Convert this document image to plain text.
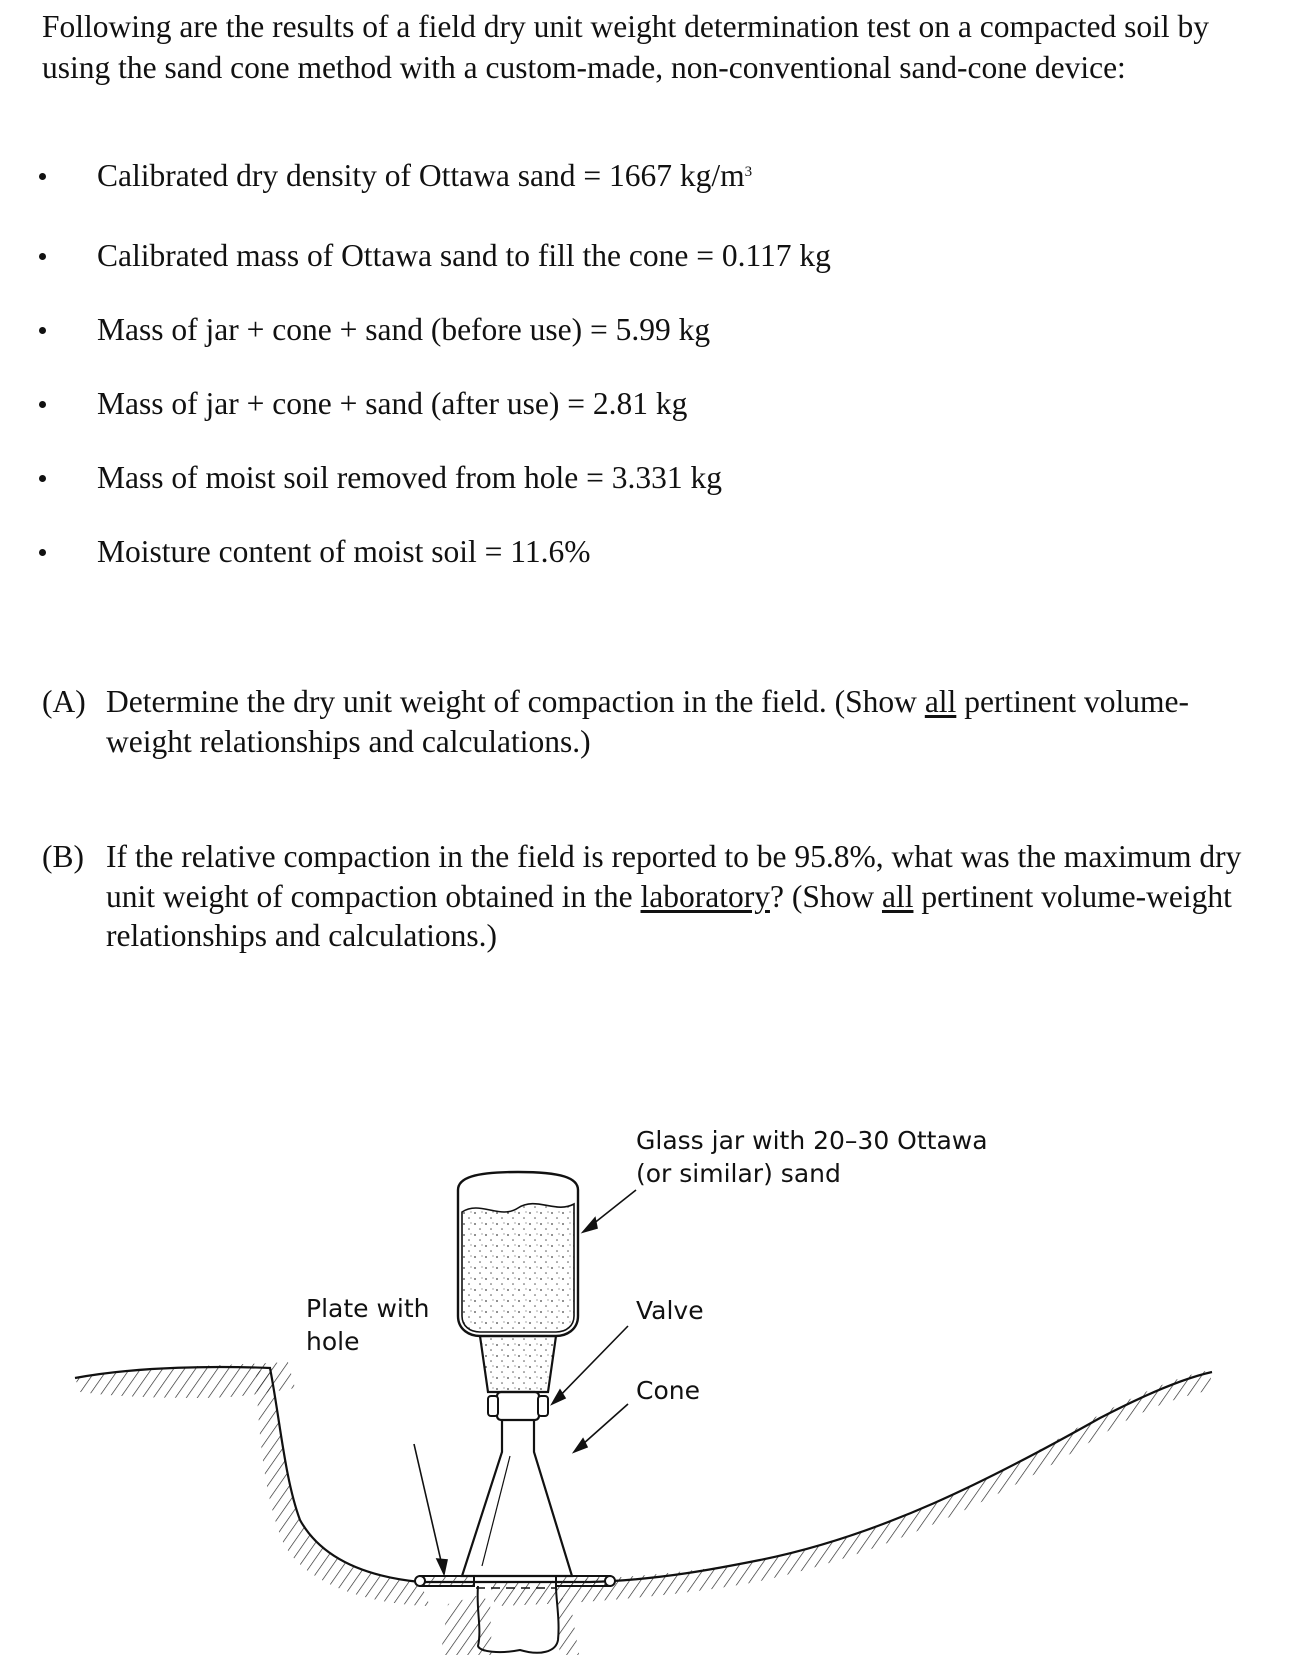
Following are the results of a field dry unit weight determination test on a compacted soil by using the sand cone method with a custom-made, non-conventional sand-cone device:

Calibrated dry density of Ottawa sand = 1667 $kg/m^3$
Calibrated mass of Ottawa sand to fill the cone = 0.117 kg
Mass of jar + cone + sand (before use) = 5.99 kg
Mass of jar + cone + sand (after use) = 2.81 kg
Mass of moist soil removed from hole = 3.331 kg
Moisture content of moist soil = 11.6%
(A) Determine the dry unit weight of compaction in the field. (Show all pertinent volume-weight relationships and calculations.)
(B) If the relative compaction in the field is reported to be 95.8%, what was the maximum dry unit weight of compaction obtained in the laboratory? (Show all pertinent volume-weight relationships and calculations.)
Glass jar with 20–30 Ottawa
(or similar) sand
Valve
Cone
Plate with
hole
